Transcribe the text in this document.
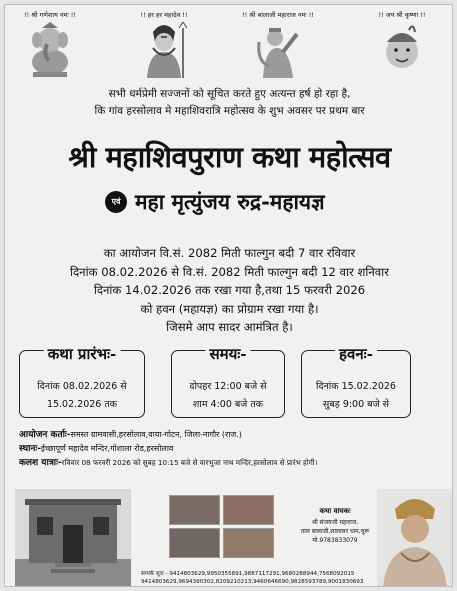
!! श्री गणेशाय नमः !!	!! हर हर महादेव !!	!! श्री बालाजी महाराज नमः !!	!! जय श्री कृष्णा !!
सभी धर्मप्रेमी सज्जनों को सूचित करते हुए अत्यन्त हर्ष हो रहा है,
कि गांव हरसोलाव मे महाशिवरात्रि महोत्सव के शुभ अवसर पर प्रथम बार
श्री महाशिवपुराण कथा महोत्सव
एवं महा मृत्युंजय रुद्र-महायज्ञ
का आयोजन वि.सं. 2082 मिती फाल्गुन बदी 7 वार रविवार
दिनांक 08.02.2026 से वि.सं. 2082 मिती फाल्गुन बदी 12 वार शनिवार
दिनांक 14.02.2026 तक रखा गया है,तथा 15 फरवरी 2026
को हवन (महायज्ञ) का प्रोग्राम रखा गया है।
जिसमे आप सादर आमंत्रित है।
कथा प्रारंभः-
दिनांक 08.02.2026 से
15.02.2026 तक
समयः-
दोपहर 12:00 बजे से
शाम 4:00 बजे तक
हवनः-
दिनांक 15.02.2026
सुबह 9:00 बजे से
आयोजन कर्ताः-समस्त ग्रामवासी,हरसोलाव,वाया-गोटन, जिला-नागौर (राज.)
स्थानः-ईच्छापूर्ण महादेव मन्दिर,गोशाला रोड,हरसोलाव
कलश यात्राः-रविवार 08 फरवरी 2026 को सुबह 10:15 बजे से वारभुजा नाथ मन्दिर,हरसोलाव से प्रारंभ होगी।
कथा वाचकः
श्री संजयजी महाराज,
ताल बालाजी,सालासर धाम,चूरू
मो.9783833079
सम्पर्क सूत्रः - 9414803629,9950355891,9887117291,9680288944,7568092015
9414803629,9694390302,8209210213,9460646690,9828593789,9001830693
